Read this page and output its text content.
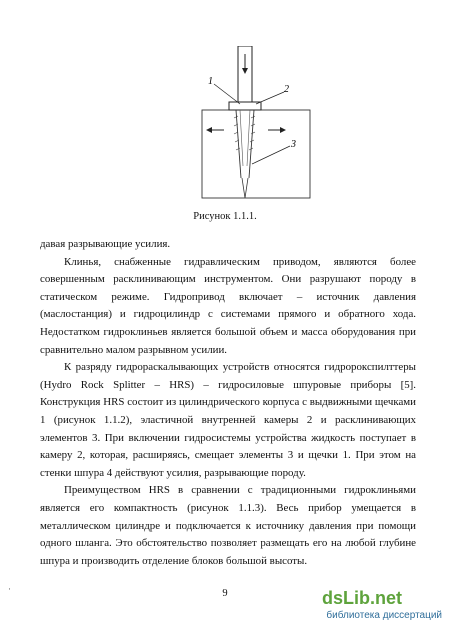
1
2
3
Рисунок 1.1.1.

давая разрывающие усилия.

Клинья, снабженные гидравлическим приводом, являются более совершенным расклинивающим инструментом. Они разрушают породу в статическом режиме. Гидропривод включает – источник давления (маслостанция) и гидроцилиндр с системами прямого и обратного хода. Недостатком гидроклиньев является большой объем и масса оборудования при сравнительно малом разрывном усилии.

К разряду гидрораскалывающих устройств относятся гидророкспилттеры (Hydro Rock Splitter – HRS) – гидросиловые шпуровые приборы [5]. Конструкция HRS состоит из цилиндрического корпуса с выдвижными щечками 1 (рисунок 1.1.2), эластичной внутренней камеры 2 и расклинивающих элементов 3. При включении гидросистемы устройства жидкость поступает в камеру 2, которая, расширяясь, смещает элементы 3 и щечки 1. При этом на стенки шпура 4 действуют усилия, разрывающие породу.

Преимуществом HRS в сравнении с традиционными гидроклиньями является его компактность (рисунок 1.1.3). Весь прибор умещается в металлическом цилиндре и подключается к источнику давления при помощи одного шланга. Это обстоятельство позволяет размещать его на любой глубине шпура и производить отделение блоков большой высоты.

·	9	dsLib.net
библиотека диссертаций
